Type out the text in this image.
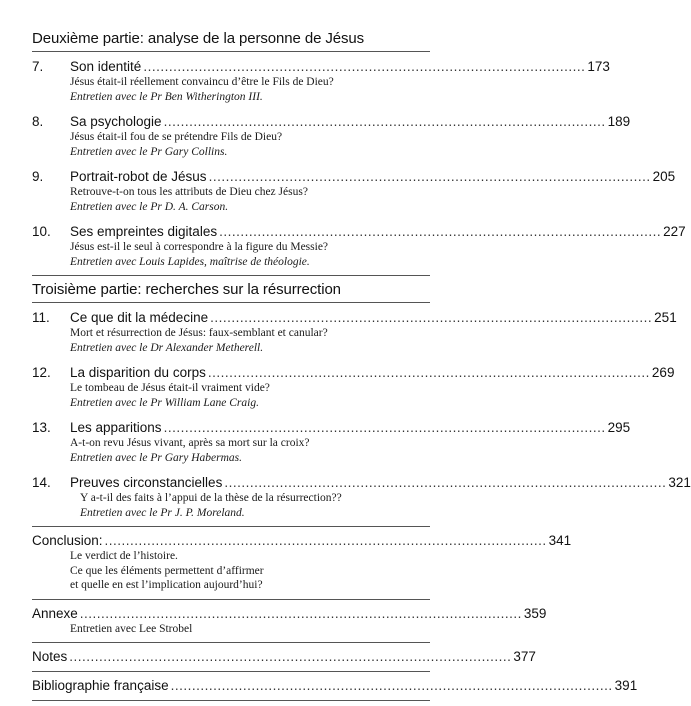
Deuxième partie: analyse de la personne de Jésus
7.	Son identité ........................................................................................................ 173
Jésus était-il réellement convaincu d’être le Fils de Dieu?
Entretien avec le Pr Ben Witherington III.
8.	Sa psychologie ........................................................................................................ 189
Jésus était-il fou de se prétendre Fils de Dieu?
Entretien avec le Pr Gary Collins.
9.	Portrait-robot de Jésus ........................................................................................................ 205
Retrouve-t-on tous les attributs de Dieu chez Jésus?
Entretien avec le Pr D. A. Carson.
10.	Ses empreintes digitales ........................................................................................................ 227
Jésus est-il le seul à correspondre à la figure du Messie?
Entretien avec Louis Lapides, maîtrise de théologie.
Troisième partie: recherches sur la résurrection
11.	Ce que dit la médecine ........................................................................................................ 251
Mort et résurrection de Jésus: faux-semblant et canular?
Entretien avec le Dr Alexander Metherell.
12.	La disparition du corps ........................................................................................................ 269
Le tombeau de Jésus était-il vraiment vide?
Entretien avec le Pr William Lane Craig.
13.	Les apparitions ........................................................................................................ 295
A-t-on revu Jésus vivant, après sa mort sur la croix?
Entretien avec le Pr Gary Habermas.
14.	Preuves circonstancielles ........................................................................................................ 321
Y a-t-il des faits à l’appui de la thèse de la résurrection??
Entretien avec le Pr J. P. Moreland.
Conclusion: ........................................................................................................ 341
Le verdict de l’histoire.
Ce que les éléments permettent d’affirmer
et quelle en est l’implication aujourd’hui?
Annexe ........................................................................................................ 359
Entretien avec Lee Strobel
Notes ........................................................................................................ 377
Bibliographie française ........................................................................................................ 391
